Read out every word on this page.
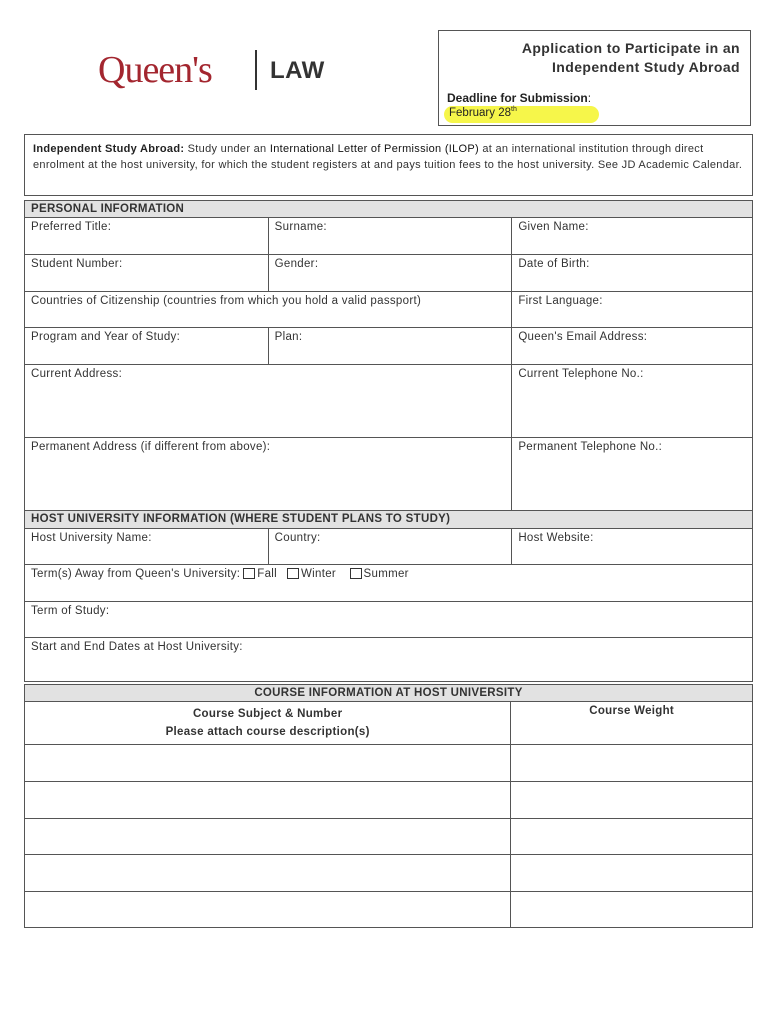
Queen's LAW
Application to Participate in an
Independent Study Abroad
Deadline for Submission:
February 28th
Independent Study Abroad: Study under an International Letter of Permission (ILOP) at an international institution through direct enrolment at the host university, for which the student registers at and pays tuition fees to the host university. See JD Academic Calendar.
PERSONAL INFORMATION		
Preferred Title:	Surname:	Given Name:
Student Number:	Gender:	Date of Birth:
Countries of Citizenship (countries from which you hold a valid passport)		First Language:
Program and Year of Study:	Plan:	Queen's Email Address:
Current Address:		Current Telephone No.:
Permanent Address (if different from above):		Permanent Telephone No.:
HOST UNIVERSITY INFORMATION (WHERE STUDENT PLANS TO STUDY)		
Host University Name:	Country:	Host Website:
Term(s) Away from Queen's University: Fall Winter Summer		
Term of Study:		
Start and End Dates at Host University:		
COURSE INFORMATION AT HOST UNIVERSITY	

Course Subject & Number
Please attach course description(s)	Course Weight
